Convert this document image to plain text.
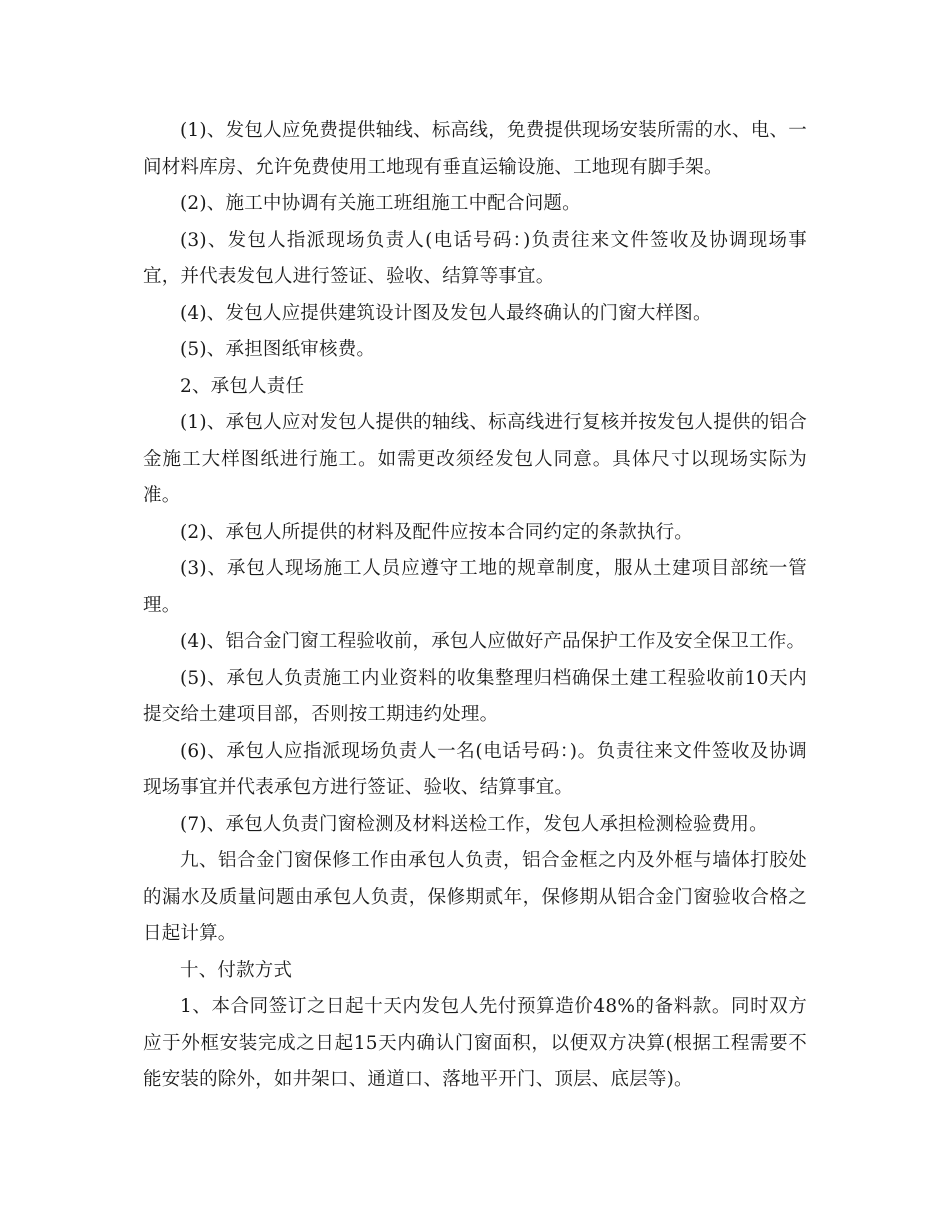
(1)、发包人应免费提供轴线、标高线，免费提供现场安装所需的水、电、一间材料库房、允许免费使用工地现有垂直运输设施、工地现有脚手架。

(2)、施工中协调有关施工班组施工中配合问题。

(3)、发包人指派现场负责人(电话号码：)负责往来文件签收及协调现场事宜，并代表发包人进行签证、验收、结算等事宜。

(4)、发包人应提供建筑设计图及发包人最终确认的门窗大样图。

(5)、承担图纸审核费。

2、承包人责任

(1)、承包人应对发包人提供的轴线、标高线进行复核并按发包人提供的铝合金施工大样图纸进行施工。如需更改须经发包人同意。具体尺寸以现场实际为准。

(2)、承包人所提供的材料及配件应按本合同约定的条款执行。

(3)、承包人现场施工人员应遵守工地的规章制度，服从土建项目部统一管理。

(4)、铝合金门窗工程验收前，承包人应做好产品保护工作及安全保卫工作。

(5)、承包人负责施工内业资料的收集整理归档确保土建工程验收前10天内提交给土建项目部，否则按工期违约处理。

(6)、承包人应指派现场负责人一名(电话号码：)。负责往来文件签收及协调现场事宜并代表承包方进行签证、验收、结算事宜。

(7)、承包人负责门窗检测及材料送检工作，发包人承担检测检验费用。

九、铝合金门窗保修工作由承包人负责，铝合金框之内及外框与墙体打胶处的漏水及质量问题由承包人负责，保修期贰年，保修期从铝合金门窗验收合格之日起计算。

十、付款方式

1、本合同签订之日起十天内发包人先付预算造价48%的备料款。同时双方应于外框安装完成之日起15天内确认门窗面积，以便双方决算(根据工程需要不能安装的除外，如井架口、通道口、落地平开门、顶层、底层等)。
